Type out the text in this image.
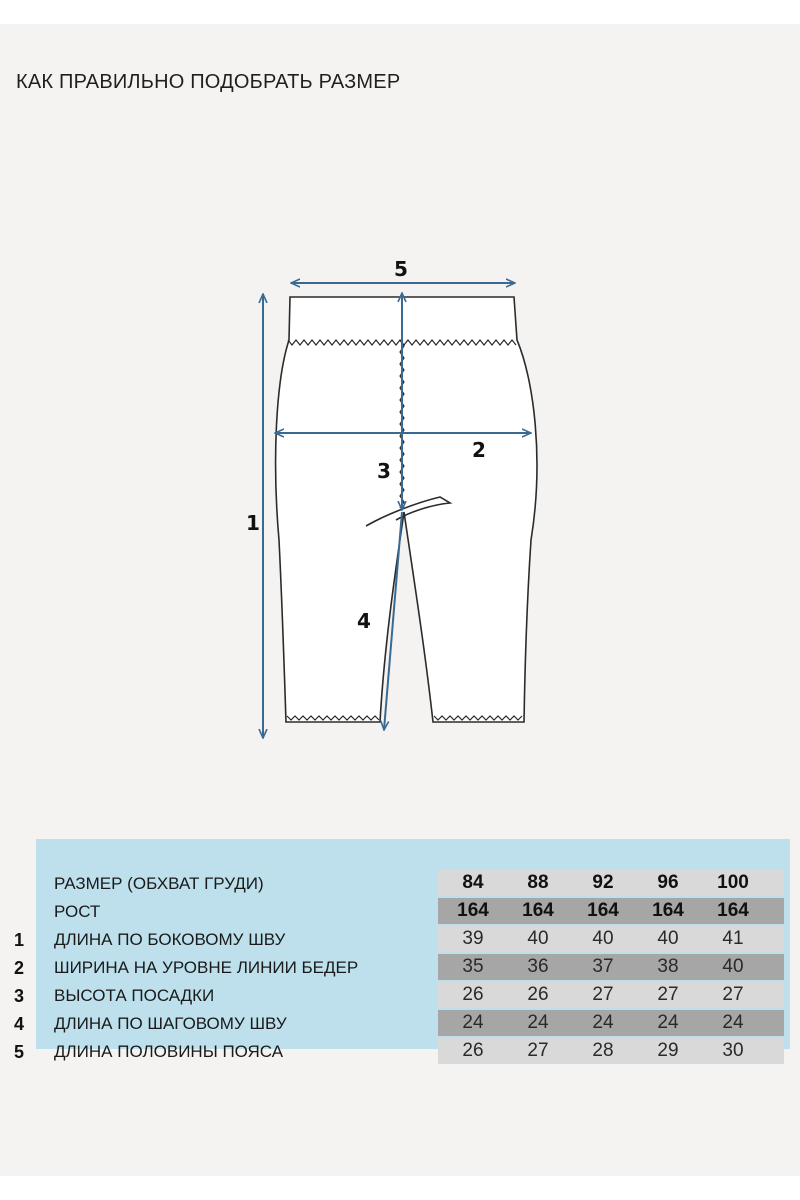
КАК ПРАВИЛЬНО ПОДОБРАТЬ РАЗМЕР
5
1
2
3
4
РАЗМЕР (ОБХВАТ ГРУДИ)	84	88	92	96	100
РОСТ	164	164	164	164	164
ДЛИНА ПО БОКОВОМУ ШВУ	39	40	40	40	41
ШИРИНА НА УРОВНЕ ЛИНИИ БЕДЕР	35	36	37	38	40
ВЫСОТА ПОСАДКИ	26	26	27	27	27
ДЛИНА ПО ШАГОВОМУ ШВУ	24	24	24	24	24
ДЛИНА ПОЛОВИНЫ ПОЯСА	26	27	28	29	30
1
2
3
4
5
